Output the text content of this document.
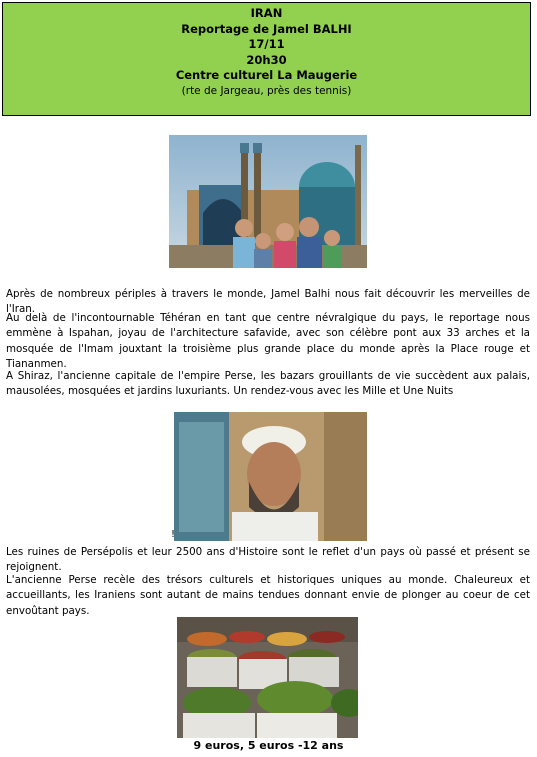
IRAN
Reportage de Jamel BALHI
17/11
20h30
Centre culturel La Maugerie
(rte de Jargeau, près des tennis)

Après de nombreux périples à travers le monde, Jamel Balhi nous fait découvrir les merveilles de l'Iran.

Au delà de l'incontournable Téhéran en tant que centre névralgique du pays, le reportage nous emmène à Ispahan, joyau de l'architecture safavide, avec son célèbre pont aux 33 arches et la mosquée de l'Imam jouxtant la troisième plus grande place du monde après la Place rouge et Tiananmen.

A Shiraz, l'ancienne capitale de l'empire Perse, les bazars grouillants de vie succèdent aux palais, mausolées, mosquées et jardins luxuriants. Un rendez-vous avec les Mille et Une Nuits

!

Les ruines de Persépolis et leur 2500 ans d'Histoire sont le reflet d'un pays où passé et présent se rejoignent.

L'ancienne Perse recèle des trésors culturels et historiques uniques au monde. Chaleureux et accueillants, les Iraniens sont autant de mains tendues donnant envie de plonger au coeur de cet envoûtant pays.

9 euros, 5 euros -12 ans
